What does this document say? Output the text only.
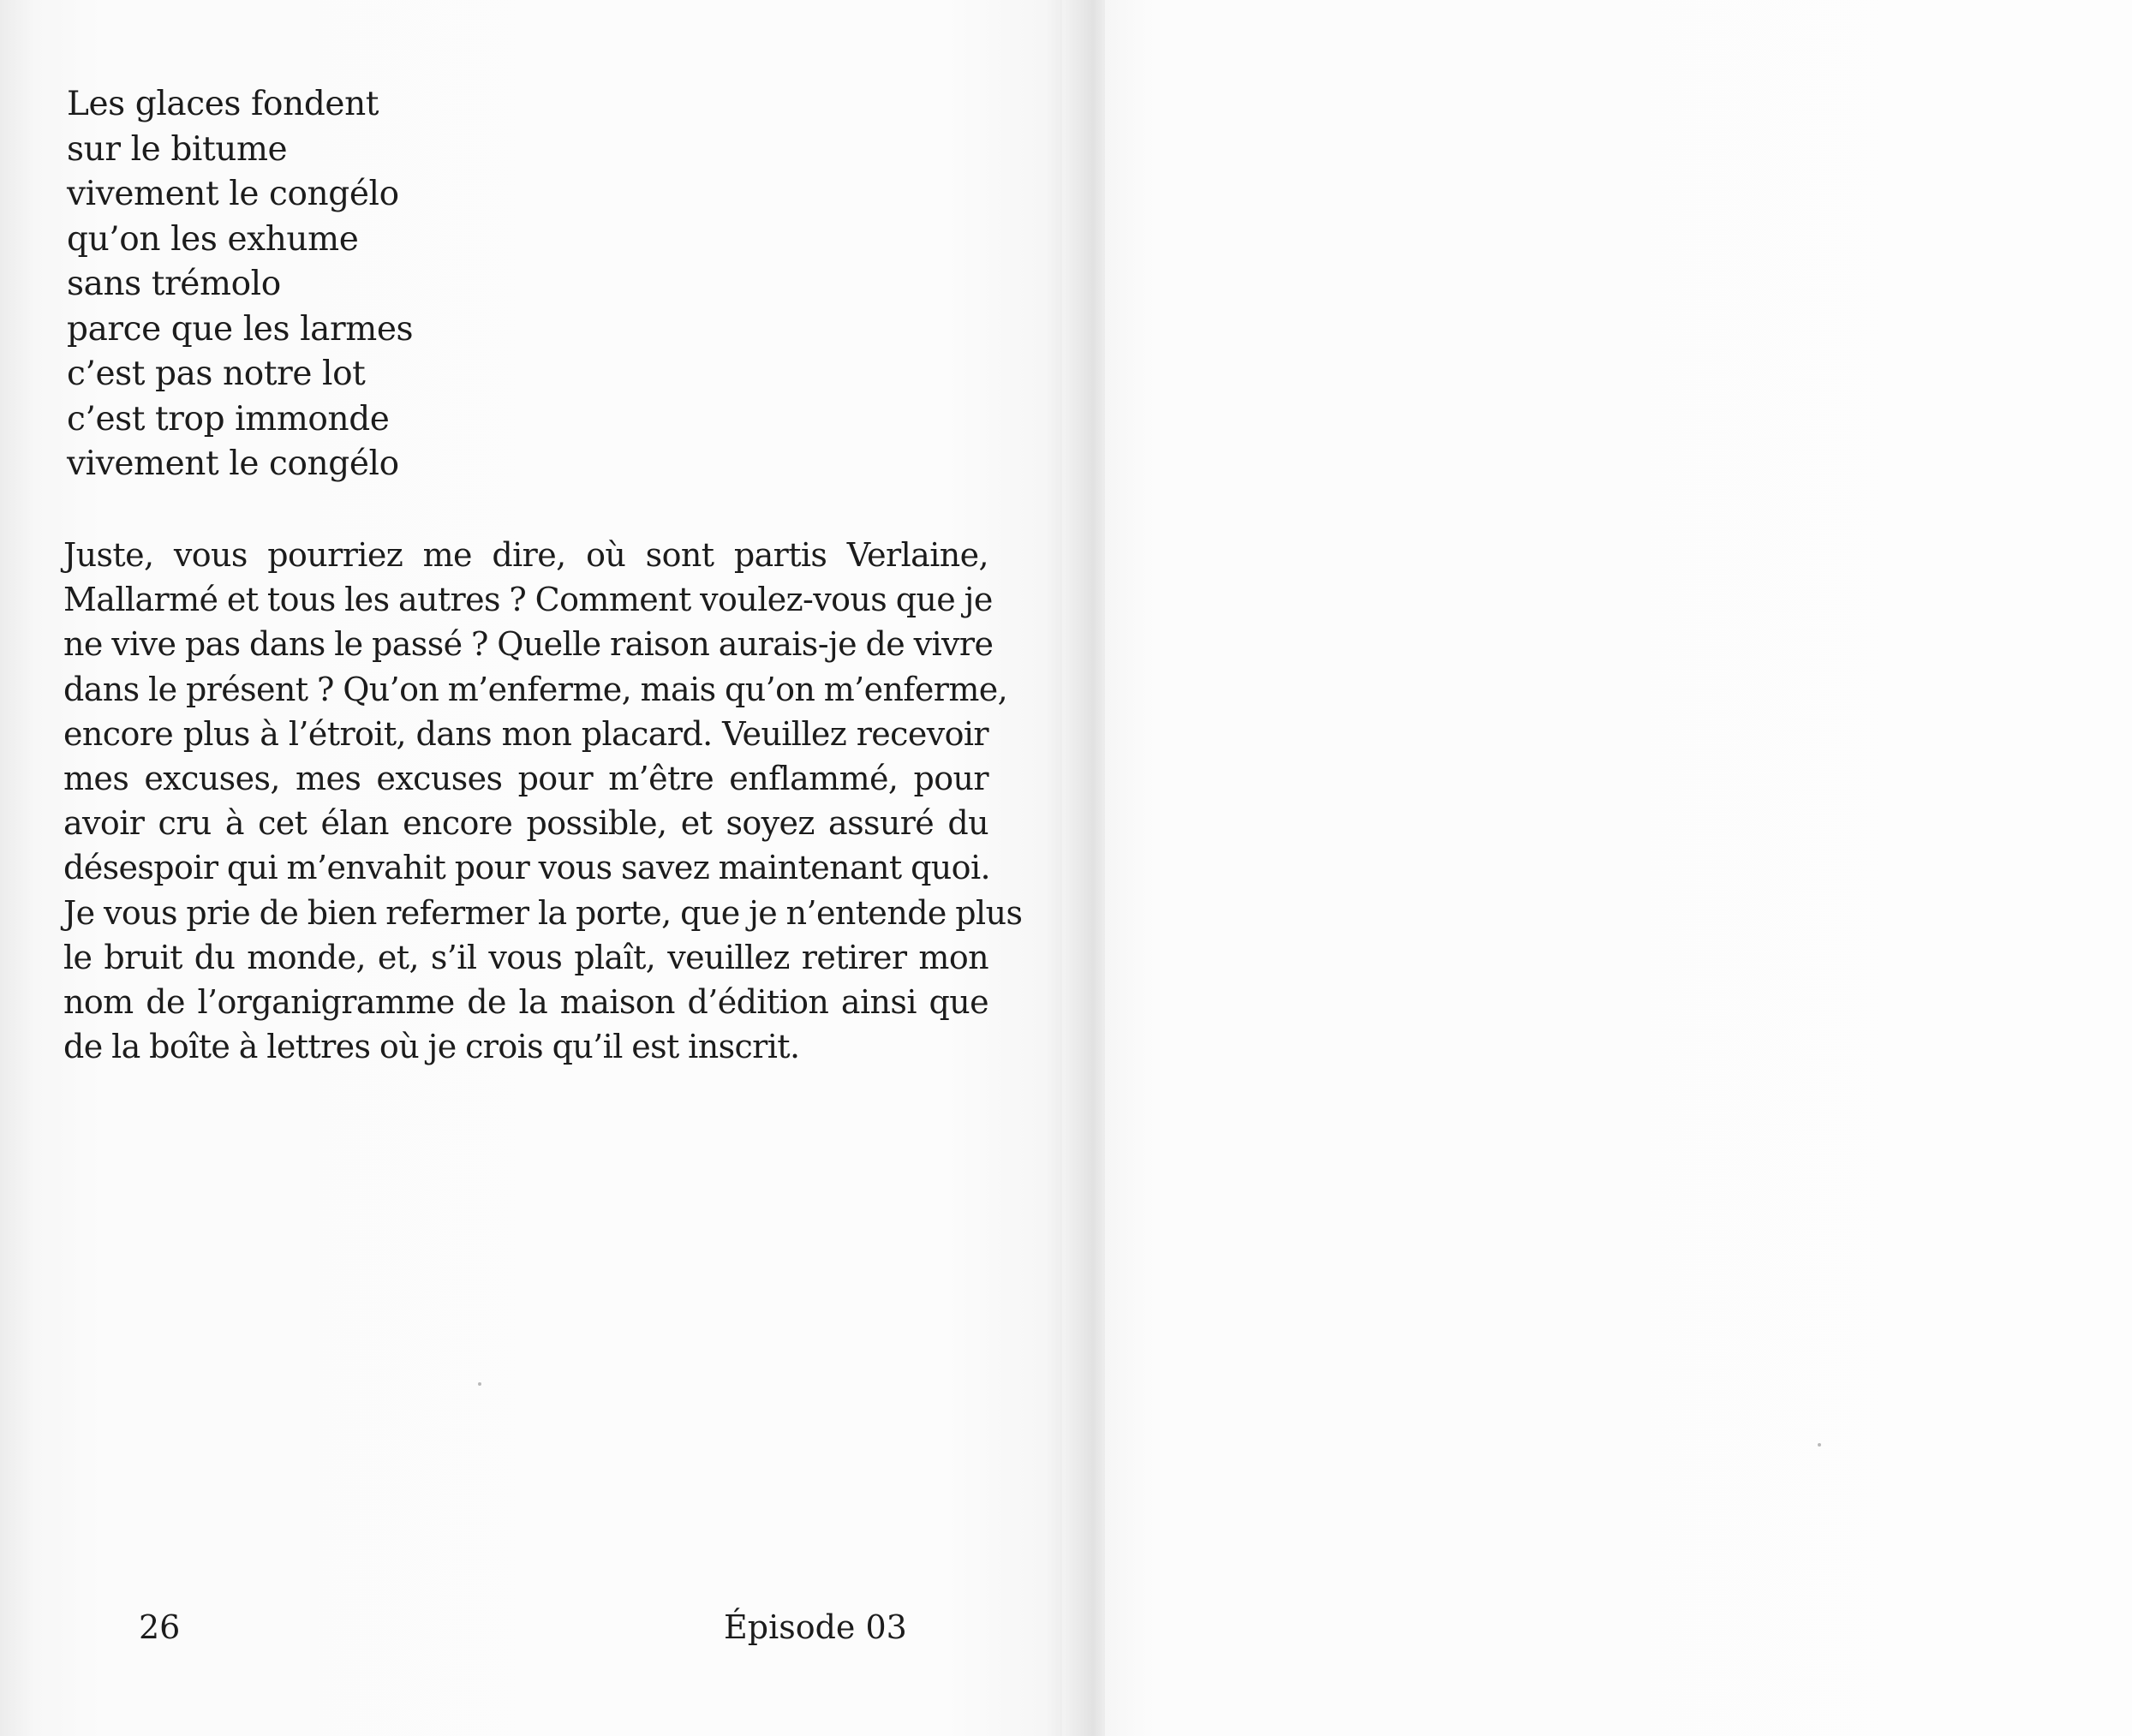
Les glaces fondent
sur le bitume
vivement le congélo
qu’on les exhume
sans trémolo
parce que les larmes
c’est pas notre lot
c’est trop immonde
vivement le congélo
Juste, vous pourriez me dire, où sont partis Verlaine,
Mallarmé et tous les autres ? Comment voulez-vous que je
ne vive pas dans le passé ? Quelle raison aurais-je de vivre
dans le présent ? Qu’on m’enferme, mais qu’on m’enferme,
encore plus à l’étroit, dans mon placard. Veuillez recevoir
mes excuses, mes excuses pour m’être enflammé, pour
avoir cru à cet élan encore possible, et soyez assuré du
désespoir qui m’envahit pour vous savez maintenant quoi.
Je vous prie de bien refermer la porte, que je n’entende plus
le bruit du monde, et, s’il vous plaît, veuillez retirer mon
nom de l’organigramme de la maison d’édition ainsi que
de la boîte à lettres où je crois qu’il est inscrit.
26	Épisode 03
